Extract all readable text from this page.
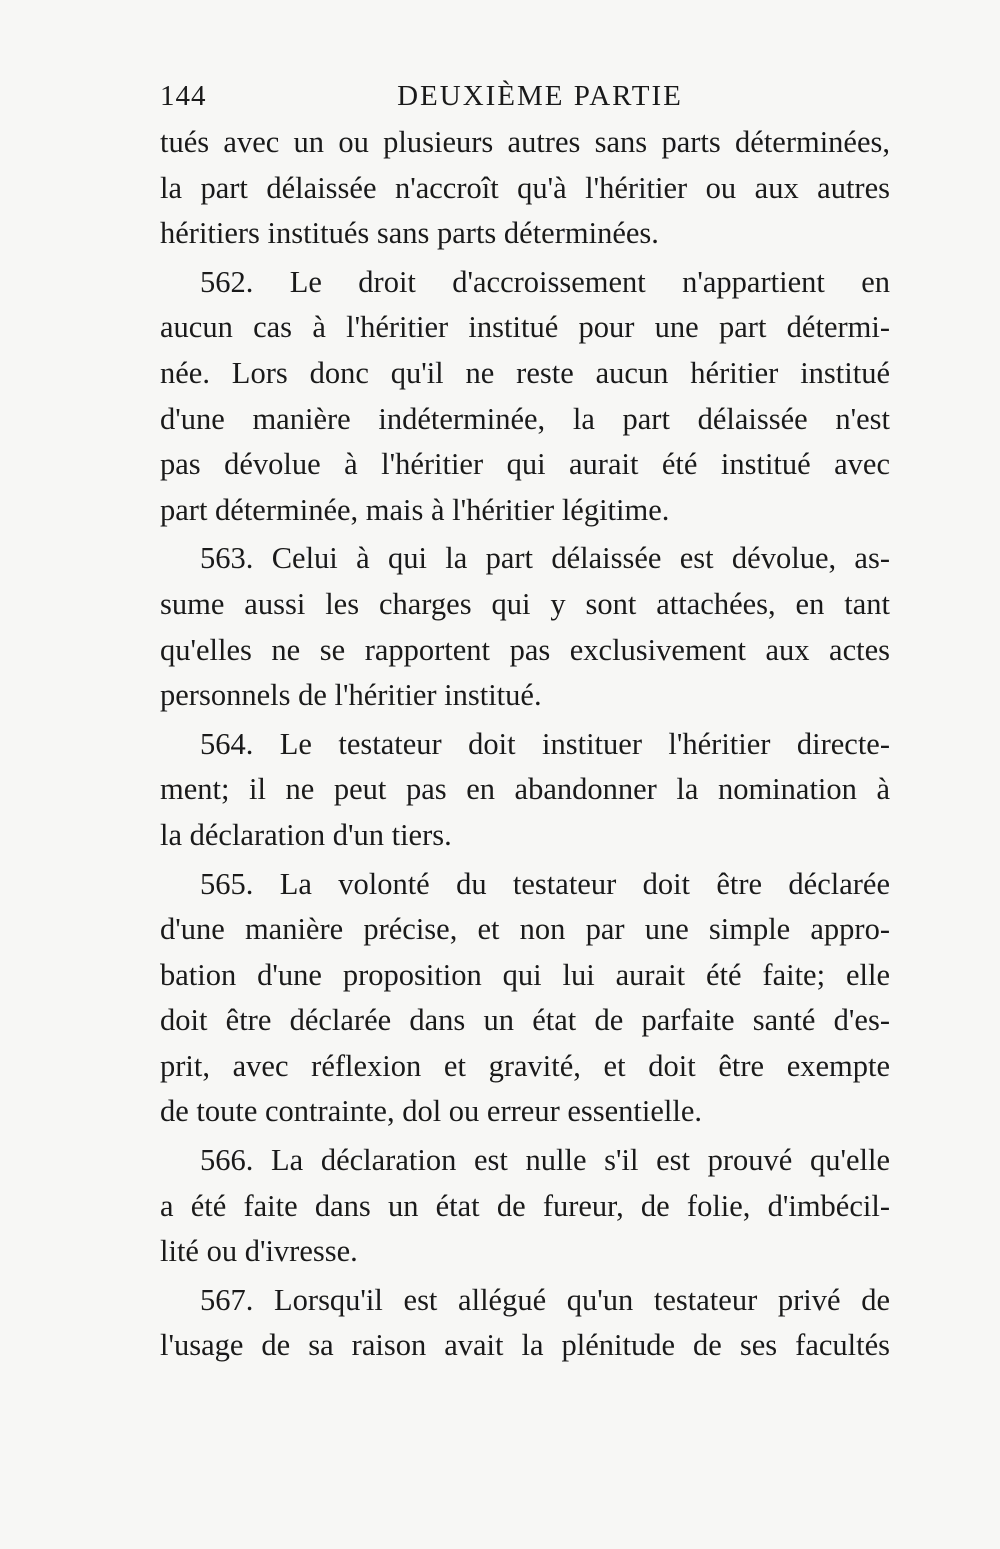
144	DEUXIÈME PARTIE

tués avec un ou plusieurs autres sans parts déterminées,
la part délaissée n'accroît qu'à l'héritier ou aux autres
héritiers institués sans parts déterminées.

562. Le droit d'accroissement n'appartient en
aucun cas à l'héritier institué pour une part détermi-
née. Lors donc qu'il ne reste aucun héritier institué
d'une manière indéterminée, la part délaissée n'est
pas dévolue à l'héritier qui aurait été institué avec
part déterminée, mais à l'héritier légitime.

563. Celui à qui la part délaissée est dévolue, as-
sume aussi les charges qui y sont attachées, en tant
qu'elles ne se rapportent pas exclusivement aux actes
personnels de l'héritier institué.

564. Le testateur doit instituer l'héritier directe-
ment; il ne peut pas en abandonner la nomination à
la déclaration d'un tiers.

565. La volonté du testateur doit être déclarée
d'une manière précise, et non par une simple appro-
bation d'une proposition qui lui aurait été faite; elle
doit être déclarée dans un état de parfaite santé d'es-
prit, avec réflexion et gravité, et doit être exempte
de toute contrainte, dol ou erreur essentielle.

566. La déclaration est nulle s'il est prouvé qu'elle
a été faite dans un état de fureur, de folie, d'imbécil-
lité ou d'ivresse.

567. Lorsqu'il est allégué qu'un testateur privé de
l'usage de sa raison avait la plénitude de ses facultés
